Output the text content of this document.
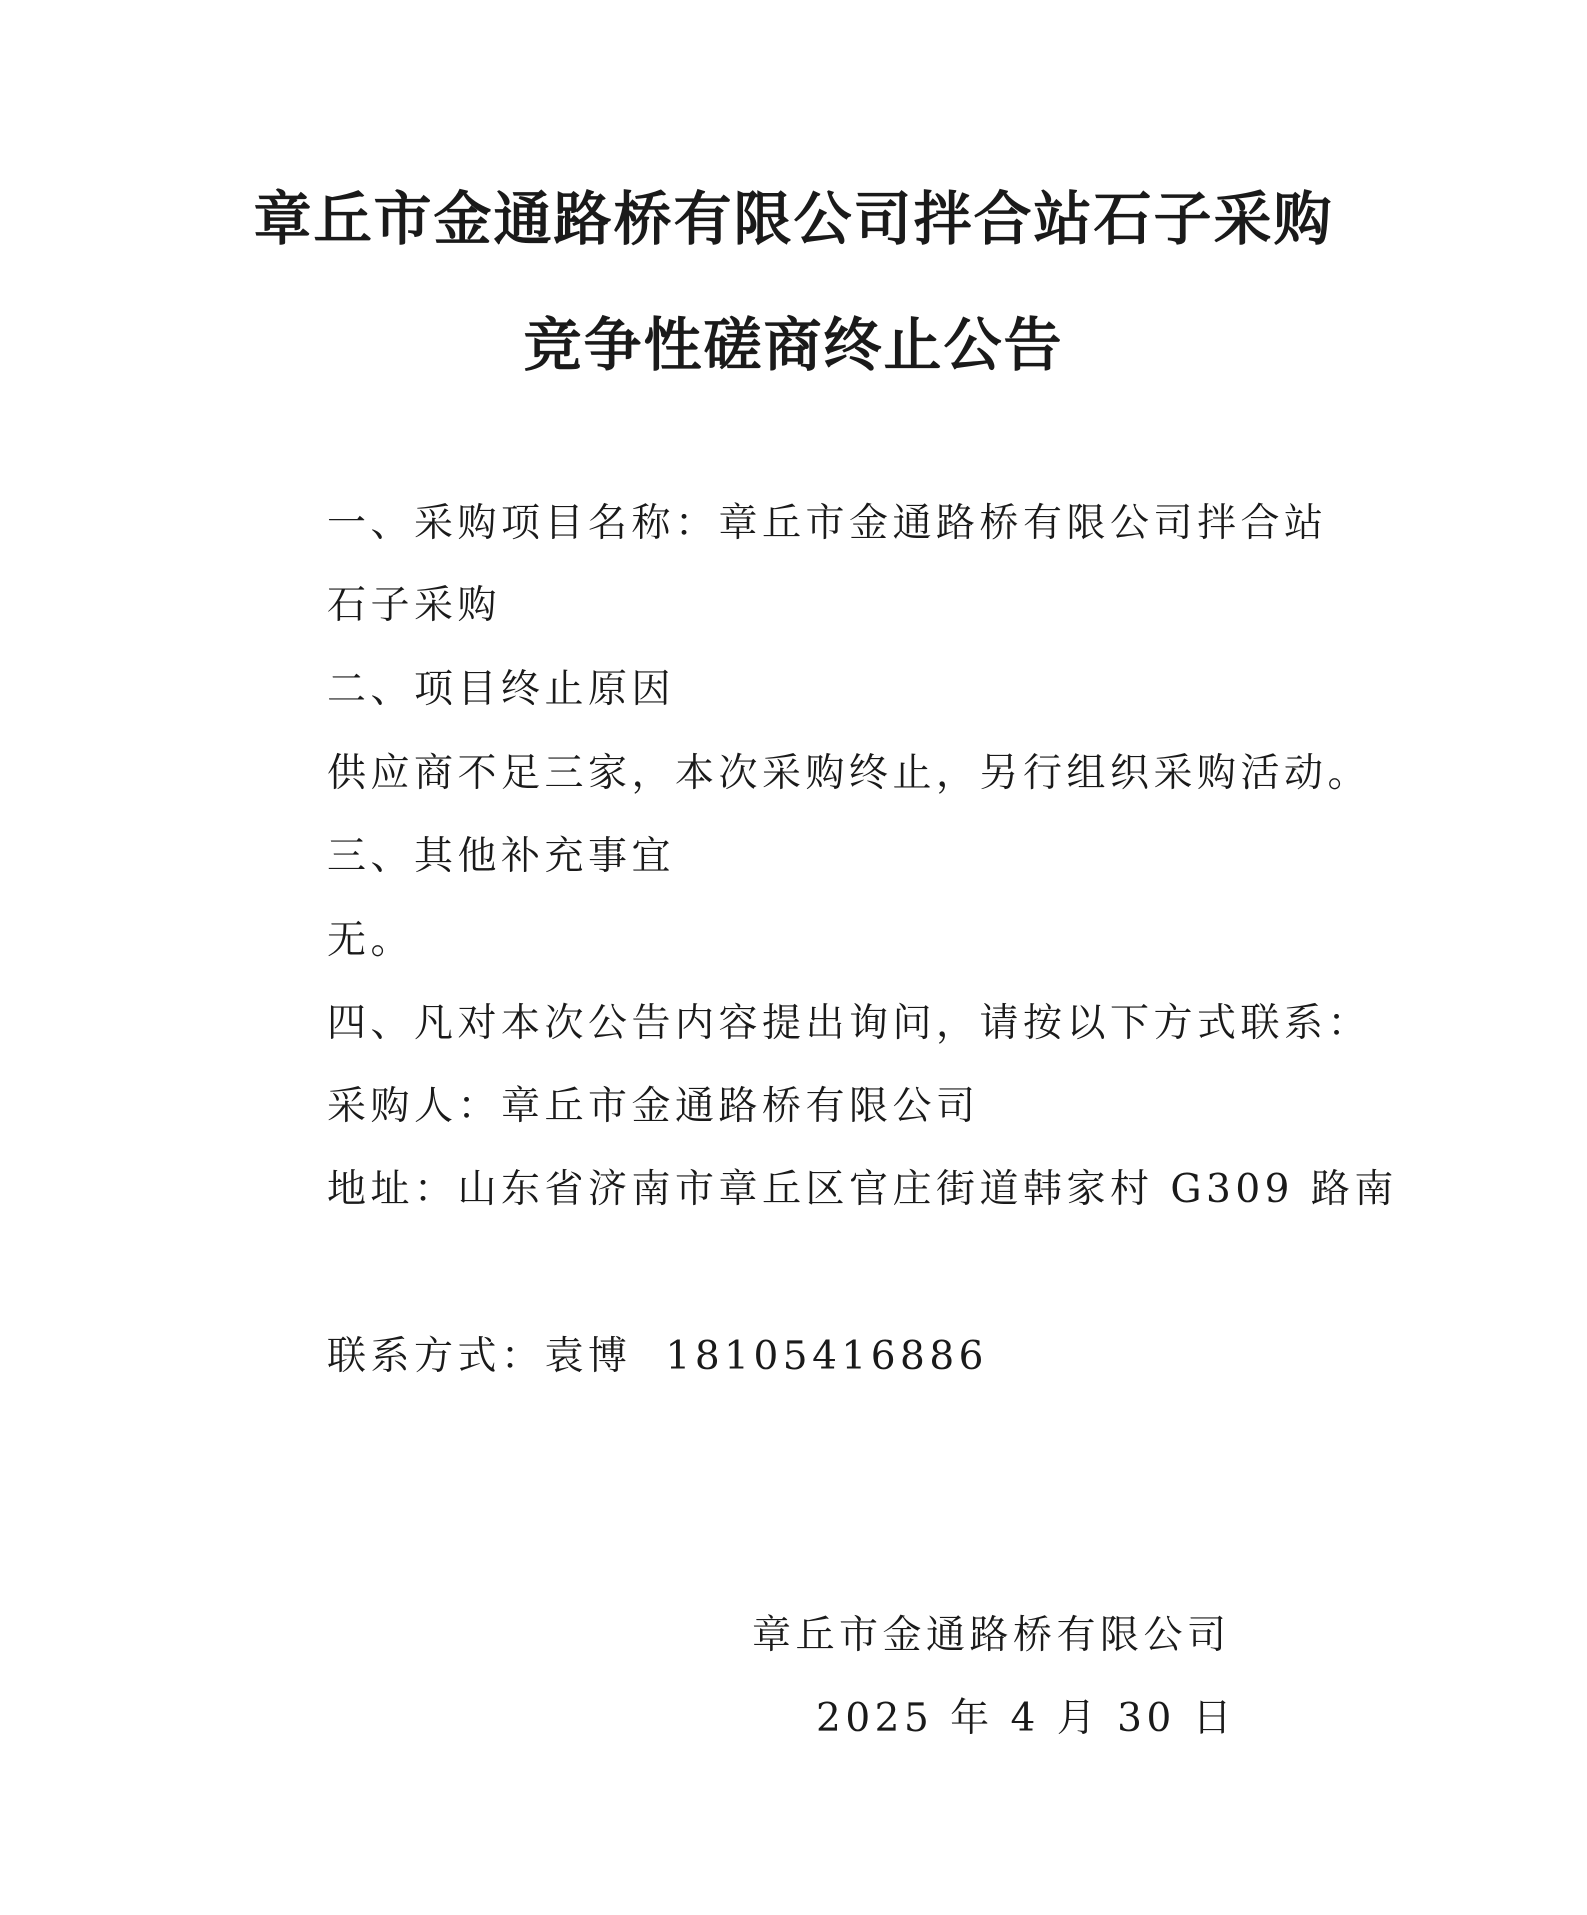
章丘市金通路桥有限公司拌合站石子采购
竞争性磋商终止公告
一、采购项目名称：章丘市金通路桥有限公司拌合站
石子采购
二、项目终止原因
供应商不足三家，本次采购终止，另行组织采购活动。
三、其他补充事宜
无。
四、凡对本次公告内容提出询问，请按以下方式联系：
采购人：章丘市金通路桥有限公司
地址：山东省济南市章丘区官庄街道韩家村 G309 路南
联系方式：袁博 18105416886
章丘市金通路桥有限公司
2025 年 4 月 30 日
